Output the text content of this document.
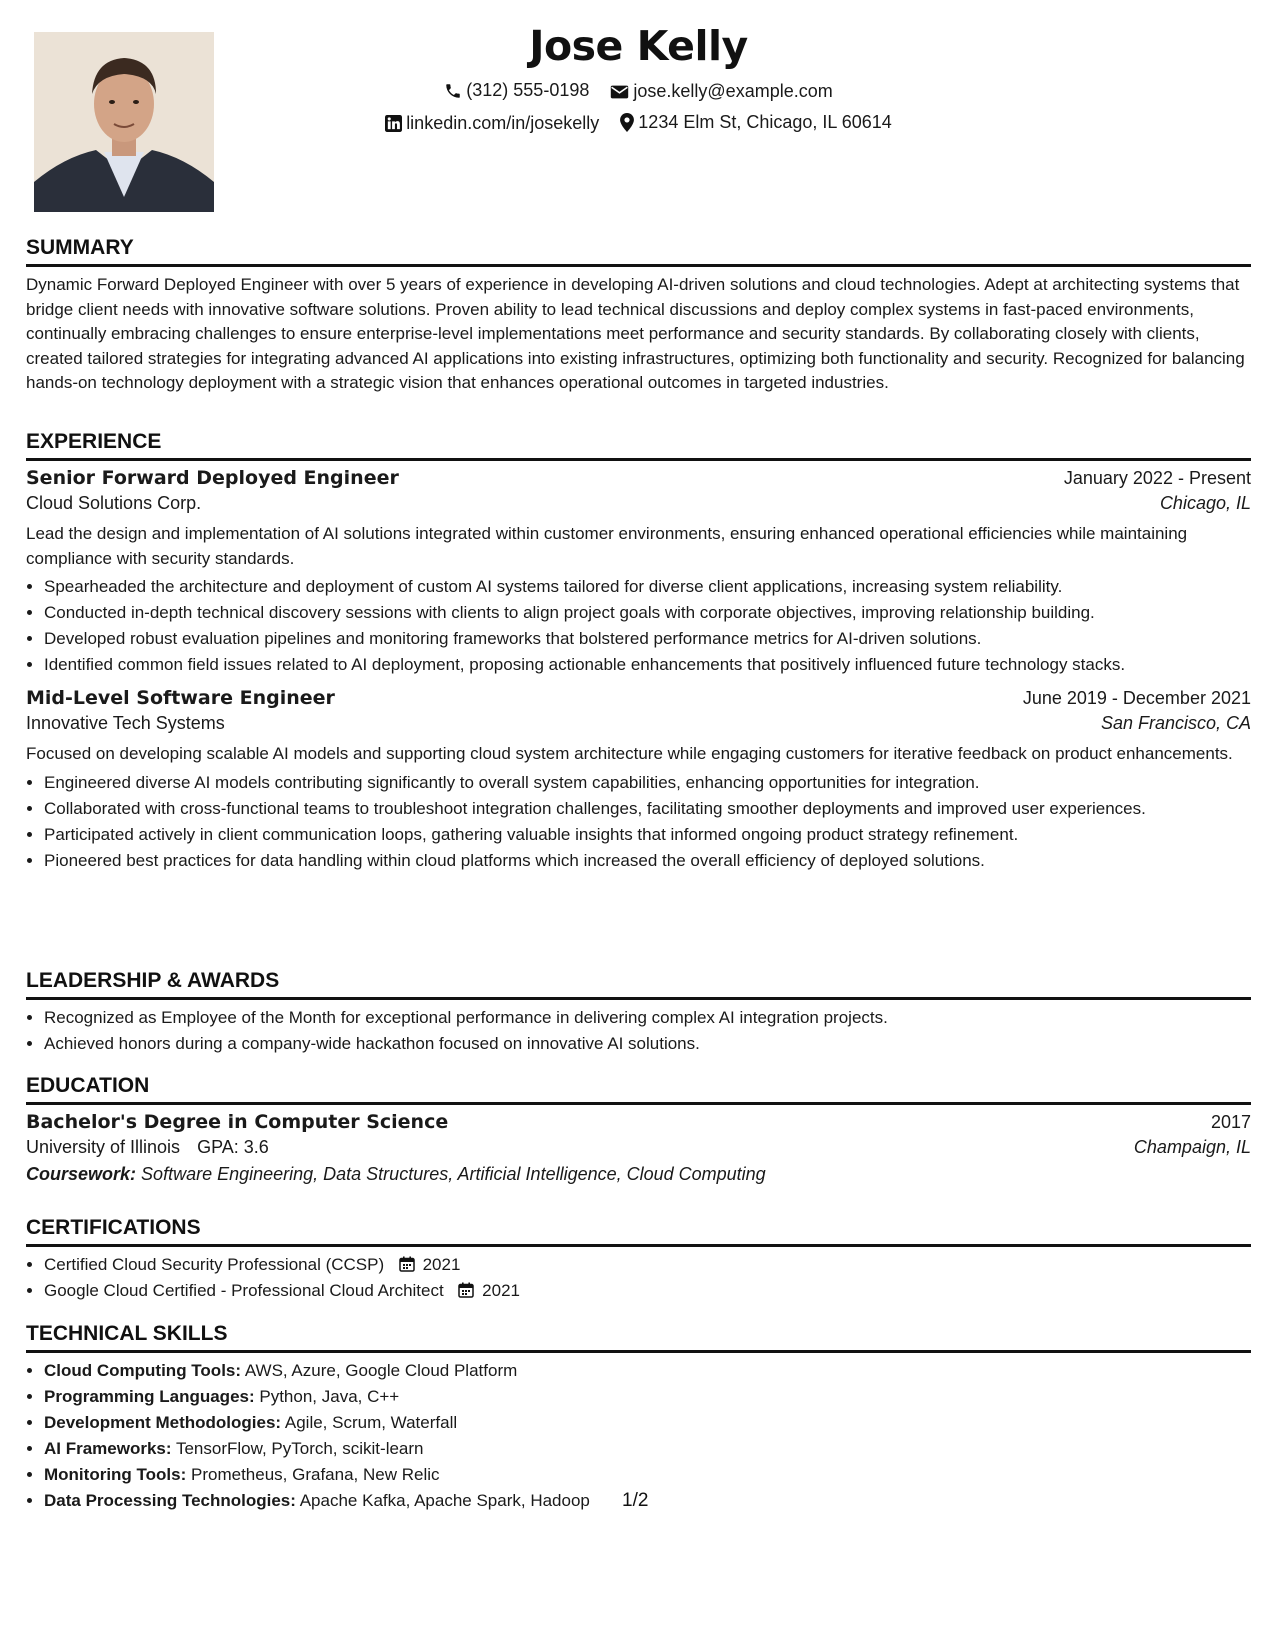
Jose Kelly
(312) 555-0198
jose.kelly@example.com
linkedin.com/in/josekelly
1234 Elm St, Chicago, IL 60614
SUMMARY

Dynamic Forward Deployed Engineer with over 5 years of experience in developing AI-driven solutions and cloud technologies. Adept at architecting systems that bridge client needs with innovative software solutions. Proven ability to lead technical discussions and deploy complex systems in fast-paced environments, continually embracing challenges to ensure enterprise-level implementations meet performance and security standards. By collaborating closely with clients, created tailored strategies for integrating advanced AI applications into existing infrastructures, optimizing both functionality and security. Recognized for balancing hands-on technology deployment with a strategic vision that enhances operational outcomes in targeted industries.

EXPERIENCE
Senior Forward Deployed Engineer	January 2022 - Present
Cloud Solutions Corp.	Chicago, IL

Lead the design and implementation of AI solutions integrated within customer environments, ensuring enhanced operational efficiencies while maintaining compliance with security standards.

• Spearheaded the architecture and deployment of custom AI systems tailored for diverse client applications, increasing system reliability.
• Conducted in-depth technical discovery sessions with clients to align project goals with corporate objectives, improving relationship building.
• Developed robust evaluation pipelines and monitoring frameworks that bolstered performance metrics for AI-driven solutions.
• Identified common field issues related to AI deployment, proposing actionable enhancements that positively influenced future technology stacks.
Mid-Level Software Engineer	June 2019 - December 2021
Innovative Tech Systems	San Francisco, CA

Focused on developing scalable AI models and supporting cloud system architecture while engaging customers for iterative feedback on product enhancements.

• Engineered diverse AI models contributing significantly to overall system capabilities, enhancing opportunities for integration.
• Collaborated with cross-functional teams to troubleshoot integration challenges, facilitating smoother deployments and improved user experiences.
• Participated actively in client communication loops, gathering valuable insights that informed ongoing product strategy refinement.
• Pioneered best practices for data handling within cloud platforms which increased the overall efficiency of deployed solutions.
LEADERSHIP & AWARDS
• Recognized as Employee of the Month for exceptional performance in delivering complex AI integration projects.
• Achieved honors during a company-wide hackathon focused on innovative AI solutions.
EDUCATION
Bachelor's Degree in Computer Science	2017
University of Illinois GPA: 3.6	Champaign, IL
Coursework: Software Engineering, Data Structures, Artificial Intelligence, Cloud Computing
CERTIFICATIONS
• Certified Cloud Security Professional (CCSP) 2021
• Google Cloud Certified - Professional Cloud Architect 2021
TECHNICAL SKILLS
• Cloud Computing Tools: AWS, Azure, Google Cloud Platform
• Programming Languages: Python, Java, C++
• Development Methodologies: Agile, Scrum, Waterfall
• AI Frameworks: TensorFlow, PyTorch, scikit-learn
• Monitoring Tools: Prometheus, Grafana, New Relic
• Data Processing Technologies: Apache Kafka, Apache Spark, Hadoop	1/2
